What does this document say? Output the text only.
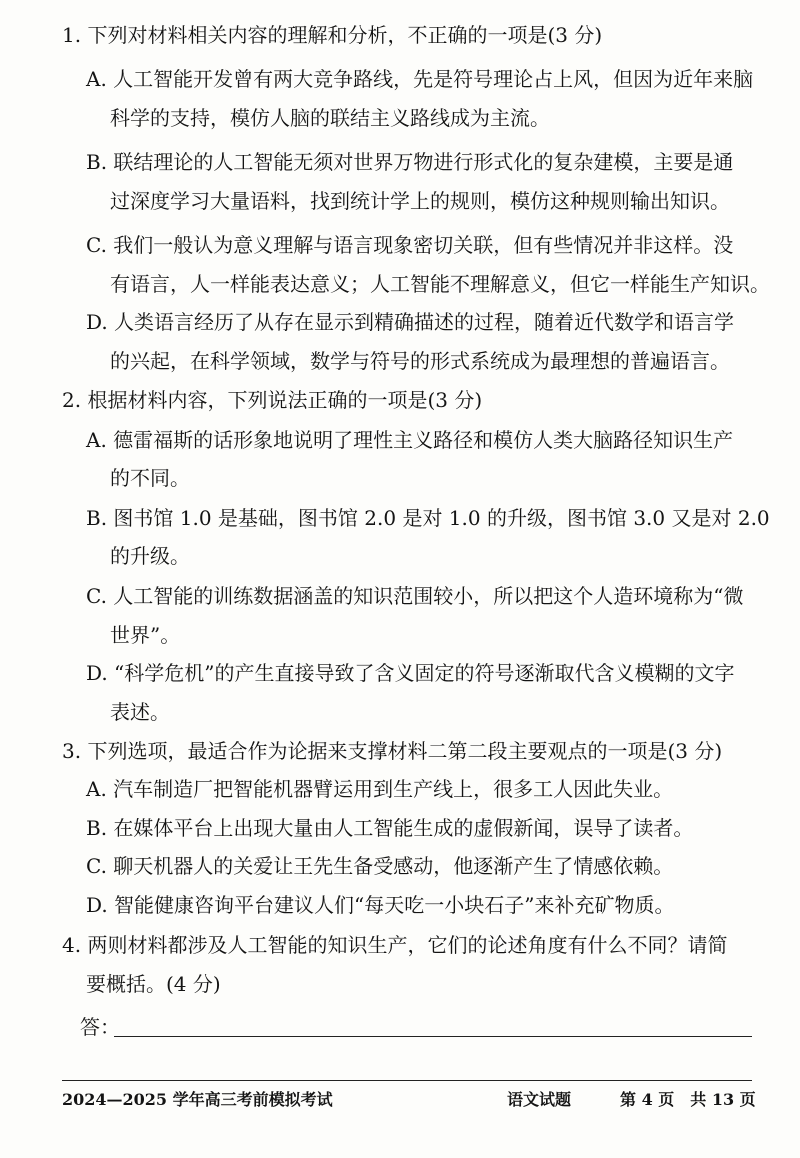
1. 下列对材料相关内容的理解和分析，不正确的一项是(3 分)
A. 人工智能开发曾有两大竞争路线，先是符号理论占上风，但因为近年来脑
科学的支持，模仿人脑的联结主义路线成为主流。
B. 联结理论的人工智能无须对世界万物进行形式化的复杂建模，主要是通
过深度学习大量语料，找到统计学上的规则，模仿这种规则输出知识。
C. 我们一般认为意义理解与语言现象密切关联，但有些情况并非这样。没
有语言，人一样能表达意义；人工智能不理解意义，但它一样能生产知识。
D. 人类语言经历了从存在显示到精确描述的过程，随着近代数学和语言学
的兴起，在科学领域，数学与符号的形式系统成为最理想的普遍语言。
2. 根据材料内容，下列说法正确的一项是(3 分)
A. 德雷福斯的话形象地说明了理性主义路径和模仿人类大脑路径知识生产
的不同。
B. 图书馆 1.0 是基础，图书馆 2.0 是对 1.0 的升级，图书馆 3.0 又是对 2.0
的升级。
C. 人工智能的训练数据涵盖的知识范围较小，所以把这个人造环境称为“微
世界”。
D. “科学危机”的产生直接导致了含义固定的符号逐渐取代含义模糊的文字
表述。
3. 下列选项，最适合作为论据来支撑材料二第二段主要观点的一项是(3 分)
A. 汽车制造厂把智能机器臂运用到生产线上，很多工人因此失业。
B. 在媒体平台上出现大量由人工智能生成的虚假新闻，误导了读者。
C. 聊天机器人的关爱让王先生备受感动，他逐渐产生了情感依赖。
D. 智能健康咨询平台建议人们“每天吃一小块石子”来补充矿物质。
4. 两则材料都涉及人工智能的知识生产，它们的论述角度有什么不同？请简
要概括。(4 分)
答：
2024—2025 学年高三考前模拟考试	语文试题	第 4 页　共 13 页
